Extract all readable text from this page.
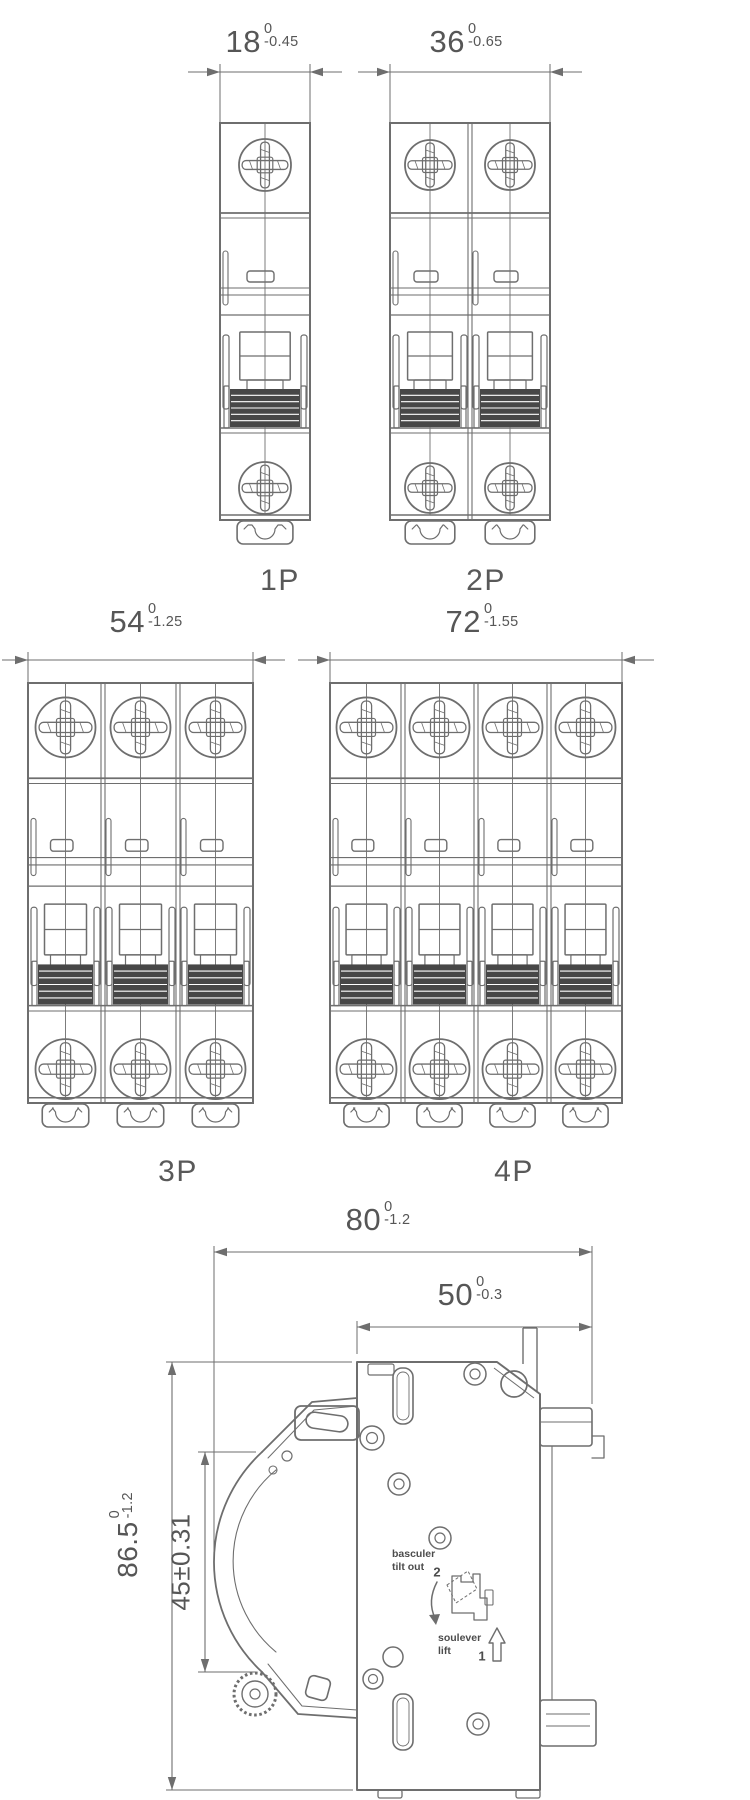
18 0
-0.45	36 0
-0.65
54 0
-1.25	72 0
-1.55
1P	2P
3P	4P
80 0
-1.2
50 0
-0.3
86.5
0
-1.2
45±0.31	basculer
tilt out 2
soulever
lift	1
